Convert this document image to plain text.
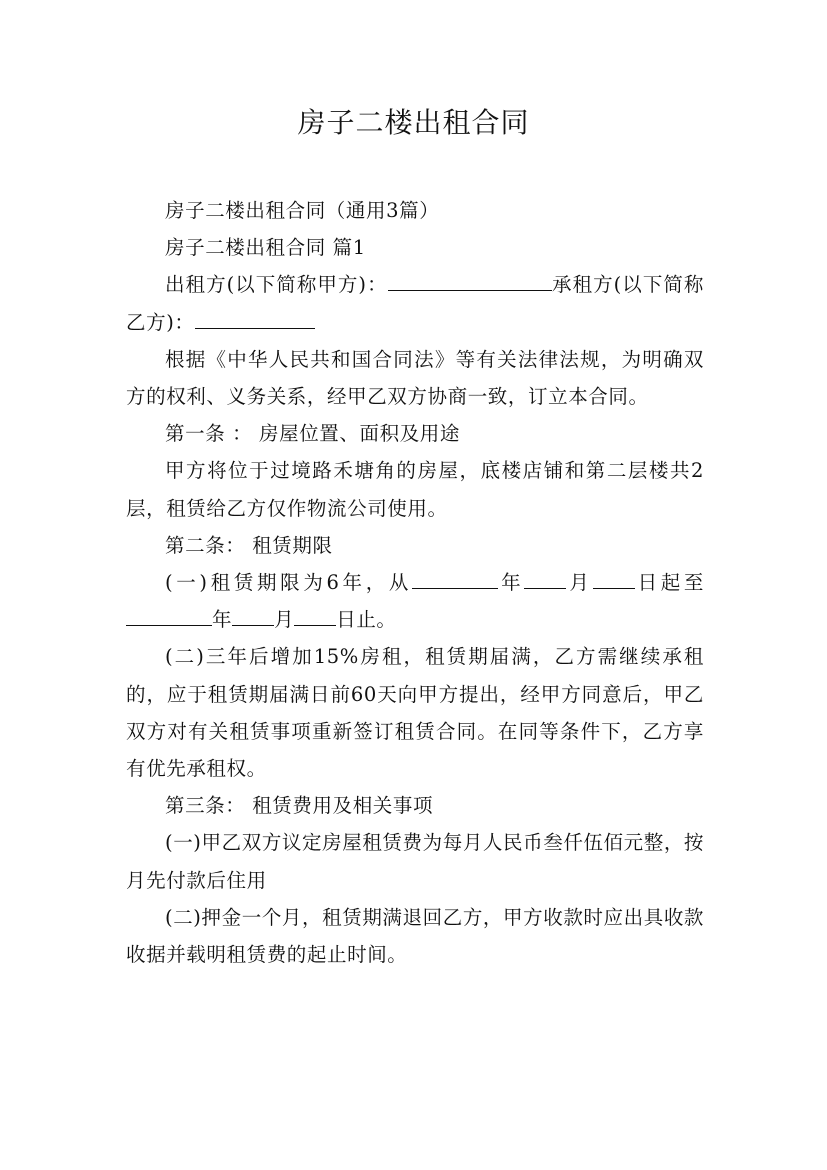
房子二楼出租合同

房子二楼出租合同（通用3篇）

房子二楼出租合同 篇1

出租方(以下简称甲方)：	承租方(以下简称乙方)：

根据《中华人民共和国合同法》等有关法律法规，为明确双方的权利、义务关系，经甲乙双方协商一致，订立本合同。

第一条 ： 房屋位置、面积及用途

甲方将位于过境路禾塘角的房屋，底楼店铺和第二层楼共2层，租赁给乙方仅作物流公司使用。

第二条： 租赁期限

(一)租赁期限为6年，从	年 月 日起至年 月 日止。

(二)三年后增加15%房租，租赁期届满，乙方需继续承租的，应于租赁期届满日前60天向甲方提出，经甲方同意后，甲乙双方对有关租赁事项重新签订租赁合同。在同等条件下，乙方享有优先承租权。

第三条： 租赁费用及相关事项

(一)甲乙双方议定房屋租赁费为每月人民币叁仟伍佰元整，按月先付款后住用

(二)押金一个月，租赁期满退回乙方，甲方收款时应出具收款收据并载明租赁费的起止时间。
